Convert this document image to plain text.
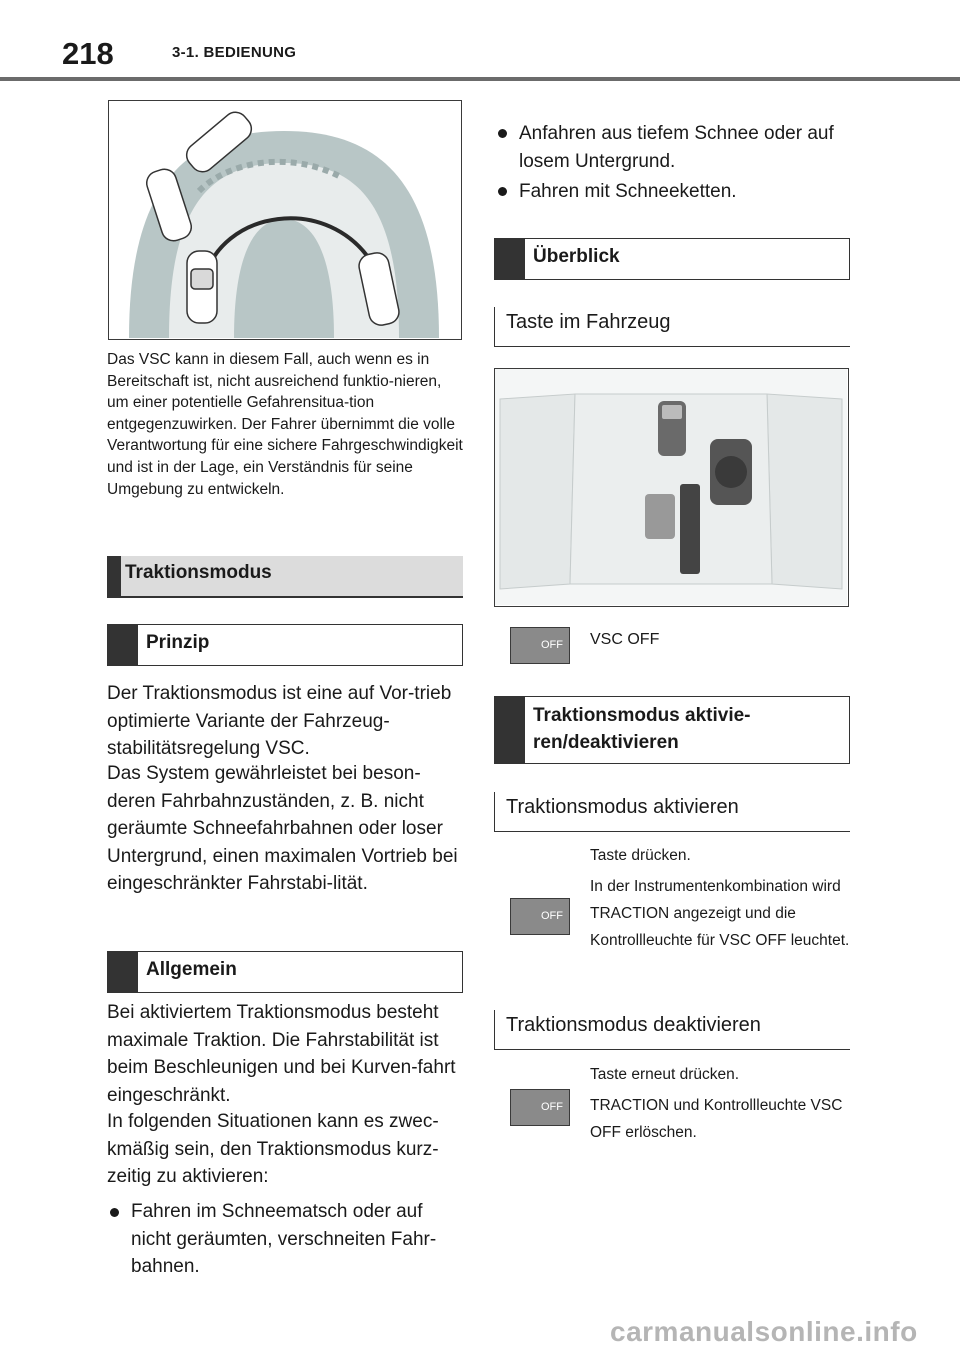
218	3-1. BEDIENUNG
Das VSC kann in diesem Fall, auch wenn es in Bereitschaft ist, nicht ausreichend funktio-nieren, um einer potentielle Gefahrensitua-tion entgegenzuwirken. Der Fahrer übernimmt die volle Verantwortung für eine sichere Fahrgeschwindigkeit und ist in der Lage, ein Verständnis für seine Umgebung zu entwickeln.
Traktionsmodus
Prinzip
Der Traktionsmodus ist eine auf Vor-trieb optimierte Variante der Fahrzeug-stabilitätsregelung VSC.
Das System gewährleistet bei beson-deren Fahrbahnzuständen, z. B. nicht geräumte Schneefahrbahnen oder loser Untergrund, einen maximalen Vortrieb bei eingeschränkter Fahrstabi-lität.
Allgemein
Bei aktiviertem Traktionsmodus besteht maximale Traktion. Die Fahrstabilität ist beim Beschleunigen und bei Kurven-fahrt eingeschränkt.
In folgenden Situationen kann es zwec-kmäßig sein, den Traktionsmodus kurz-zeitig zu aktivieren:
Fahren im Schneematsch oder auf nicht geräumten, verschneiten Fahr-bahnen.
Anfahren aus tiefem Schnee oder auf losem Untergrund.
Fahren mit Schneeketten.
Überblick
Taste im Fahrzeug
OFF VSC OFF
Traktionsmodus aktivie-ren/deaktivieren
Traktionsmodus aktivieren
Taste drücken.
OFF
In der Instrumentenkombination wird TRACTION angezeigt und die Kontrollleuchte für VSC OFF leuchtet.
Traktionsmodus deaktivieren
Taste erneut drücken.
OFF TRACTION und Kontrollleuchte VSC OFF erlöschen.
carmanualsonline.info
